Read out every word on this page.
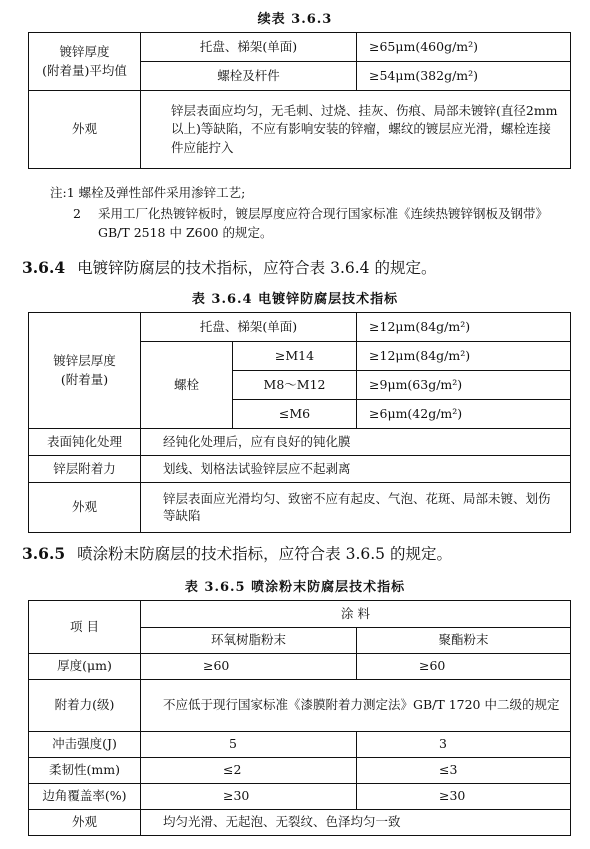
续表 3.6.3
镀锌厚度
(附着量)平均值	托盘、梯架(单面)	≥65μm(460g/m²)
	螺栓及杆件	≥54μm(382g/m²)
外观	锌层表面应均匀，无毛刺、过烧、挂灰、伤痕、局部未镀锌(直径2mm以上)等缺陷，不应有影响安装的锌瘤，螺纹的镀层应光滑，螺栓连接件应能拧入	
注:1 螺栓及弹性部件采用渗锌工艺;
2 采用工厂化热镀锌板时，镀层厚度应符合现行国家标准《连续热镀锌钢板及钢带》GB/T 2518 中 Z600 的规定。
3.6.4 电镀锌防腐层的技术指标，应符合表 3.6.4 的规定。
表 3.6.4 电镀锌防腐层技术指标
镀锌层厚度
(附着量)	托盘、梯架(单面)		≥12μm(84g/m²)
	螺栓	≥M14	≥12μm(84g/m²)
		M8～M12	≥9μm(63g/m²)
		≤M6	≥6μm(42g/m²)
表面钝化处理	经钝化处理后，应有良好的钝化膜		
锌层附着力	划线、划格法试验锌层应不起剥离		
外观	锌层表面应光滑均匀、致密不应有起皮、气泡、花斑、局部未镀、划伤等缺陷		
3.6.5 喷涂粉末防腐层的技术指标，应符合表 3.6.5 的规定。
表 3.6.5 喷涂粉末防腐层技术指标
项 目	涂 料	
	环氧树脂粉末	聚酯粉末
厚度(μm)	≥60	≥60
附着力(级)	不应低于现行国家标准《漆膜附着力测定法》GB/T 1720 中二级的规定	
冲击强度(J)	5	3
柔韧性(mm)	≤2	≤3
边角覆盖率(%)	≥30	≥30
外观	均匀光滑、无起泡、无裂纹、色泽均匀一致	
